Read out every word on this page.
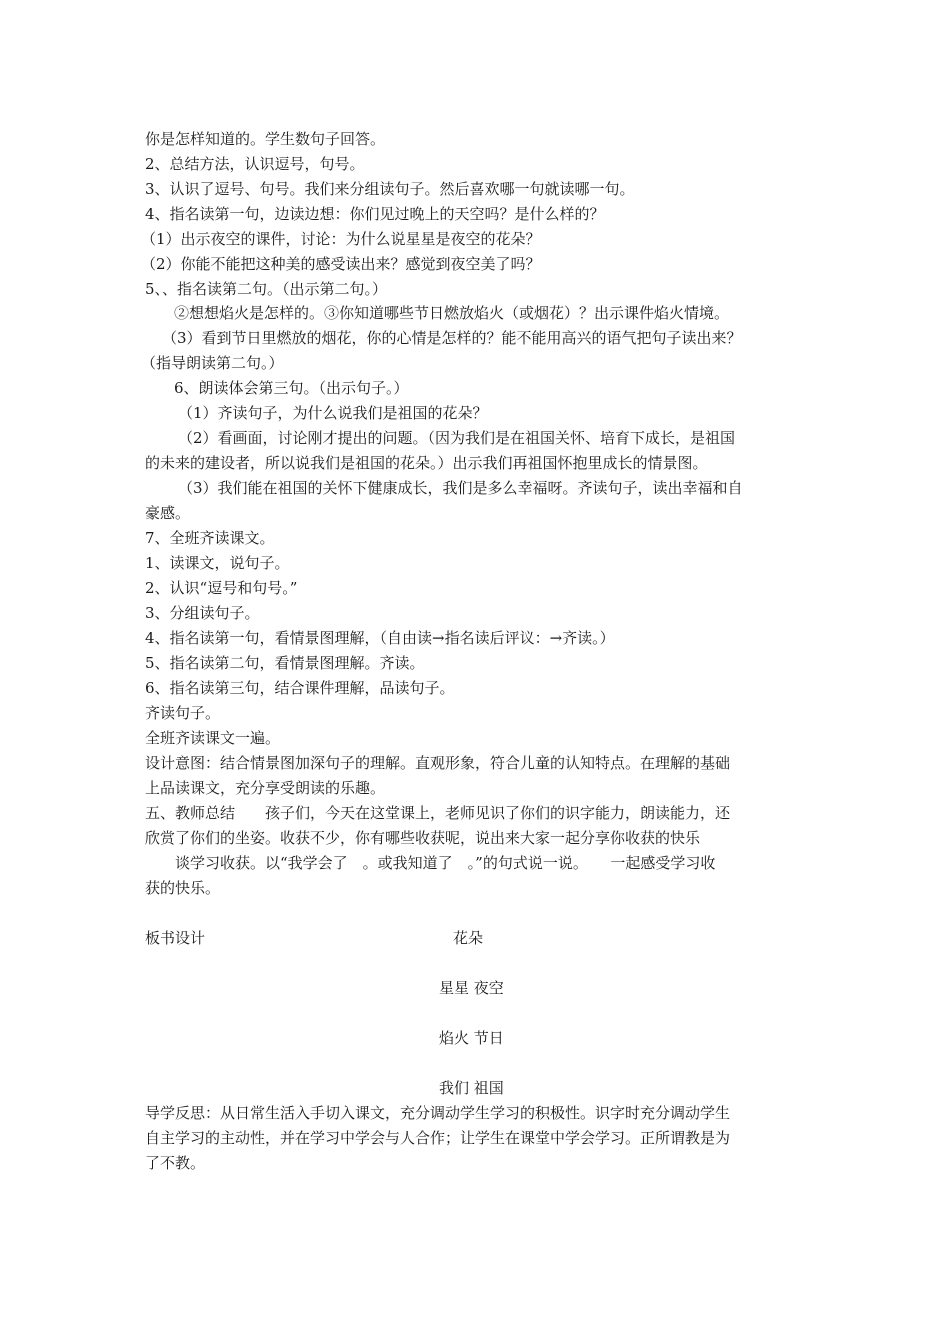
你是怎样知道的。学生数句子回答。

2、总结方法，认识逗号，句号。

3、认识了逗号、句号。我们来分组读句子。然后喜欢哪一句就读哪一句。

4、指名读第一句，边读边想：你们见过晚上的天空吗？是什么样的？

（1）出示夜空的课件，讨论：为什么说星星是夜空的花朵？

（2）你能不能把这种美的感受读出来？感觉到夜空美了吗？

5、、指名读第二句。（出示第二句。）

②想想焰火是怎样的。③你知道哪些节日燃放焰火（或烟花）？出示课件焰火情境。

（3）看到节日里燃放的烟花，你的心情是怎样的？能不能用高兴的语气把句子读出来？

（指导朗读第二句。）

6、朗读体会第三句。（出示句子。）

（1）齐读句子，为什么说我们是祖国的花朵？

（2）看画面，讨论刚才提出的问题。（因为我们是在祖国关怀、培育下成长，是祖国

的未来的建设者，所以说我们是祖国的花朵。）出示我们再祖国怀抱里成长的情景图。

（3）我们能在祖国的关怀下健康成长，我们是多么幸福呀。齐读句子，读出幸福和自

豪感。

7、全班齐读课文。

1、读课文，说句子。

2、认识“逗号和句号。”

3、分组读句子。

4、指名读第一句，看情景图理解，（自由读→指名读后评议：→齐读。）

5、指名读第二句，看情景图理解。齐读。

6、指名读第三句，结合课件理解，品读句子。

齐读句子。

全班齐读课文一遍。

设计意图：结合情景图加深句子的理解。直观形象，符合儿童的认知特点。在理解的基础

上品读课文，充分享受朗读的乐趣。

五、教师总结　　孩子们，今天在这堂课上，老师见识了你们的识字能力，朗读能力，还

欣赏了你们的坐姿。收获不少，你有哪些收获呢，说出来大家一起分享你收获的快乐

　　谈学习收获。以“我学会了　。或我知道了　。”的句式说一说。　　一起感受学习收

获的快乐。

板书设计	花朵

星星 夜空

焰火 节日

我们 祖国

导学反思：从日常生活入手切入课文，充分调动学生学习的积极性。识字时充分调动学生

自主学习的主动性，并在学习中学会与人合作；让学生在课堂中学会学习。正所谓教是为

了不教。
